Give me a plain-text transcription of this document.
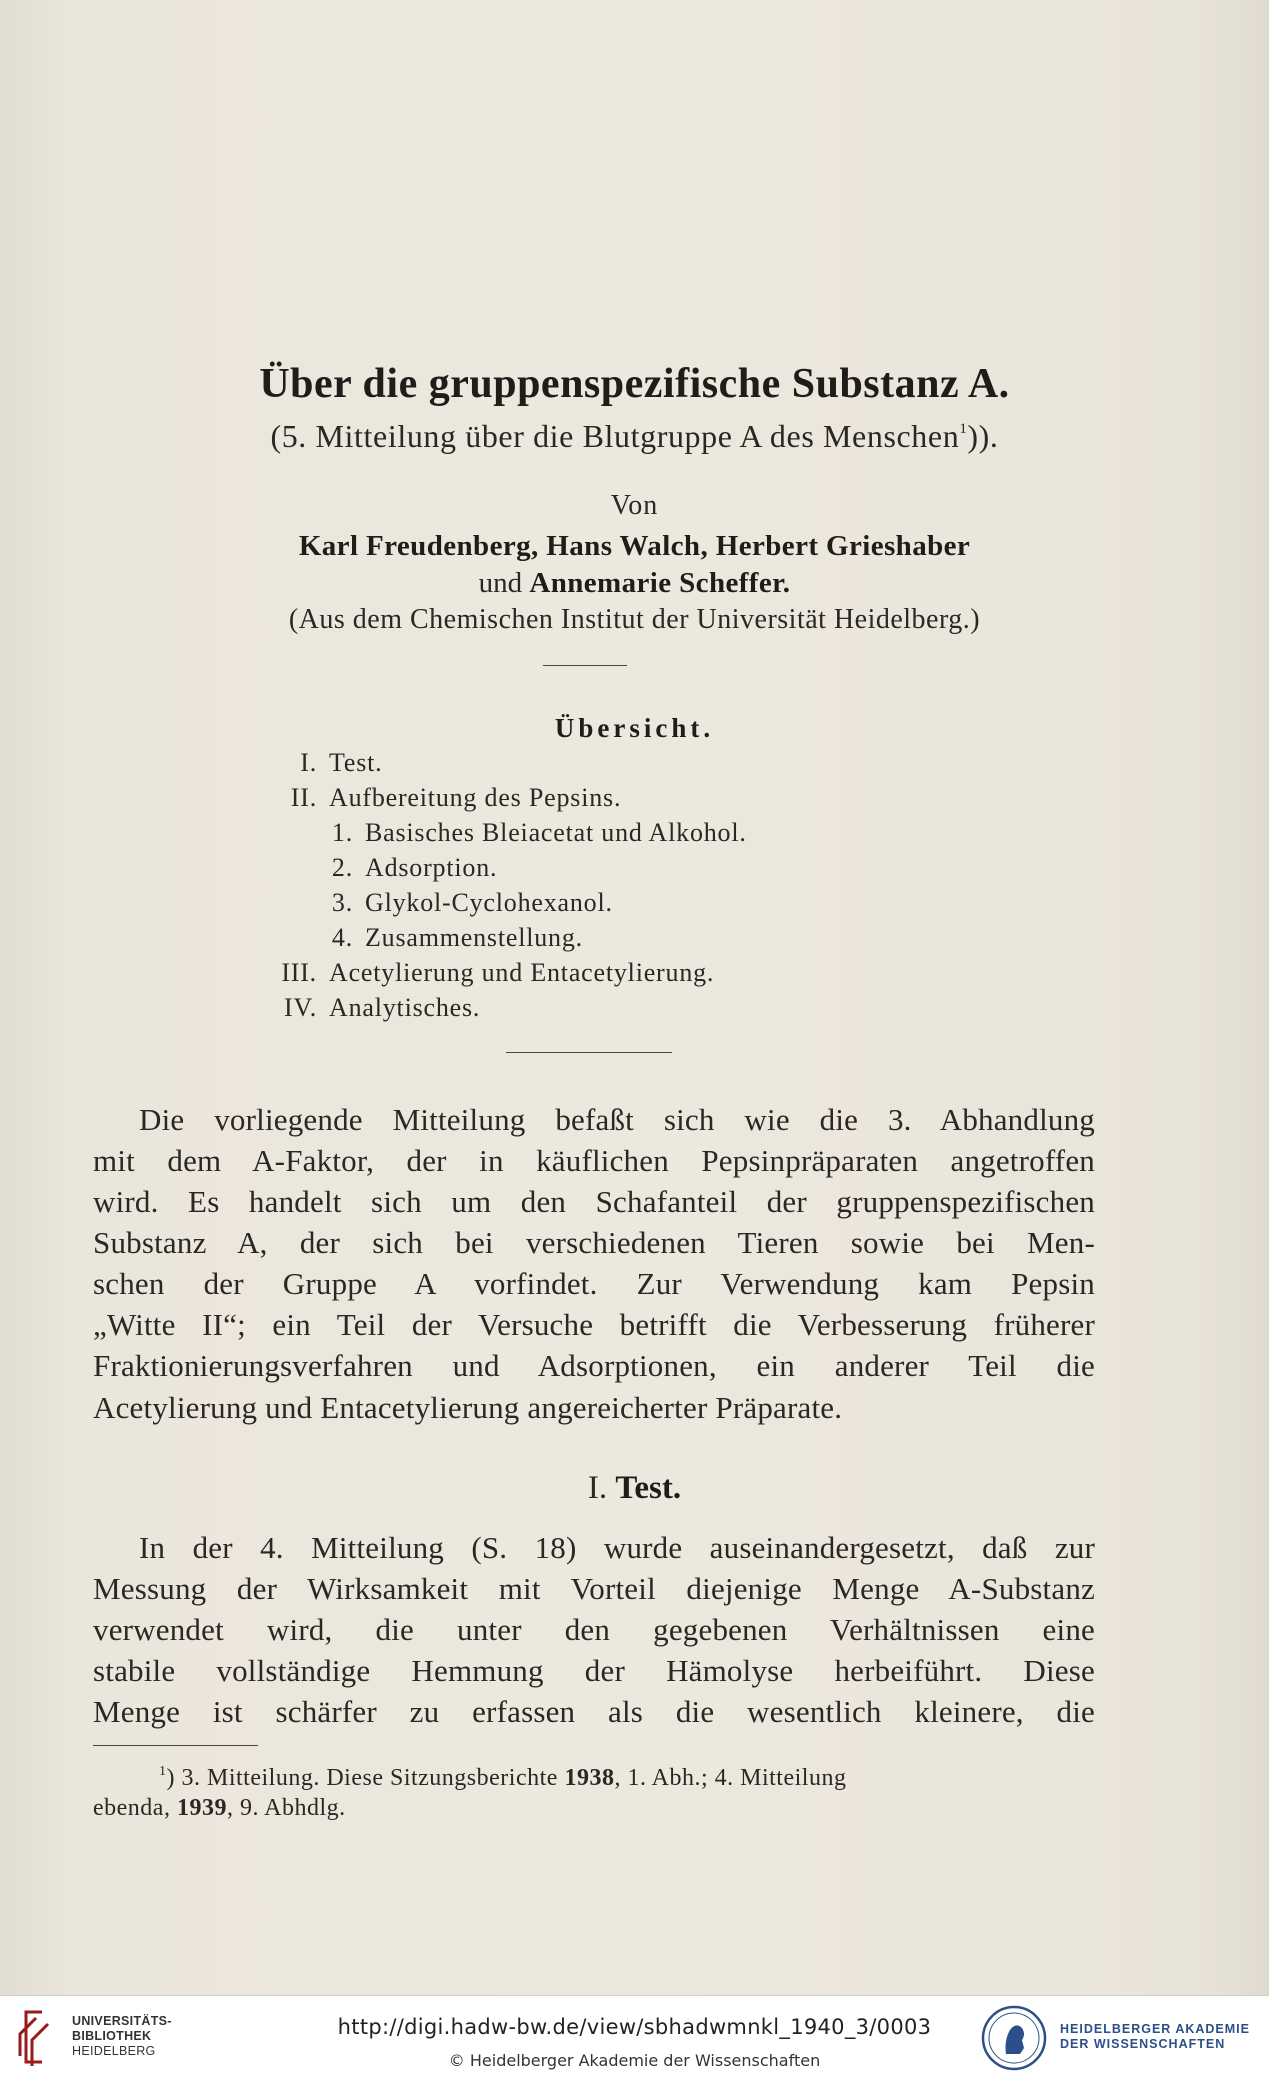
Über die gruppenspezifische Substanz A.
(5. Mitteilung über die Blutgruppe A des Menschen$^1$)).
Von
Karl Freudenberg, Hans Walch, Herbert Grieshaber
und Annemarie Scheffer.
(Aus dem Chemischen Institut der Universität Heidelberg.)
Übersicht.
I. Test.
II. Aufbereitung des Pepsins.
1. Basisches Bleiacetat und Alkohol.
2. Adsorption.
3. Glykol-Cyclohexanol.
4. Zusammenstellung.
III. Acetylierung und Entacetylierung.
IV. Analytisches.
Die vorliegende Mitteilung befaßt sich wie die 3. Abhandlung
mit dem A-Faktor, der in käuflichen Pepsinpräparaten angetroffen
wird. Es handelt sich um den Schafanteil der gruppenspezifischen
Substanz A, der sich bei verschiedenen Tieren sowie bei Men-
schen der Gruppe A vorfindet. Zur Verwendung kam Pepsin
„Witte II“; ein Teil der Versuche betrifft die Verbesserung früherer
Fraktionierungsverfahren und Adsorptionen, ein anderer Teil die
Acetylierung und Entacetylierung angereicherter Präparate.
I. Test.
In der 4. Mitteilung (S. 18) wurde auseinandergesetzt, daß zur
Messung der Wirksamkeit mit Vorteil diejenige Menge A-Substanz
verwendet wird, die unter den gegebenen Verhältnissen eine
stabile vollständige Hemmung der Hämolyse herbeiführt. Diese
Menge ist schärfer zu erfassen als die wesentlich kleinere, die
$^1$) 3. Mitteilung. Diese Sitzungsberichte 1938, 1. Abh.; 4. Mitteilung
ebenda, 1939, 9. Abhdlg.
UNIVERSITÄTS-
BIBLIOTHEK
HEIDELBERG
http://digi.hadw-bw.de/view/sbhadwmnkl_1940_3/0003
© Heidelberger Akademie der Wissenschaften
HEIDELBERGER AKADEMIE
DER WISSENSCHAFTEN
